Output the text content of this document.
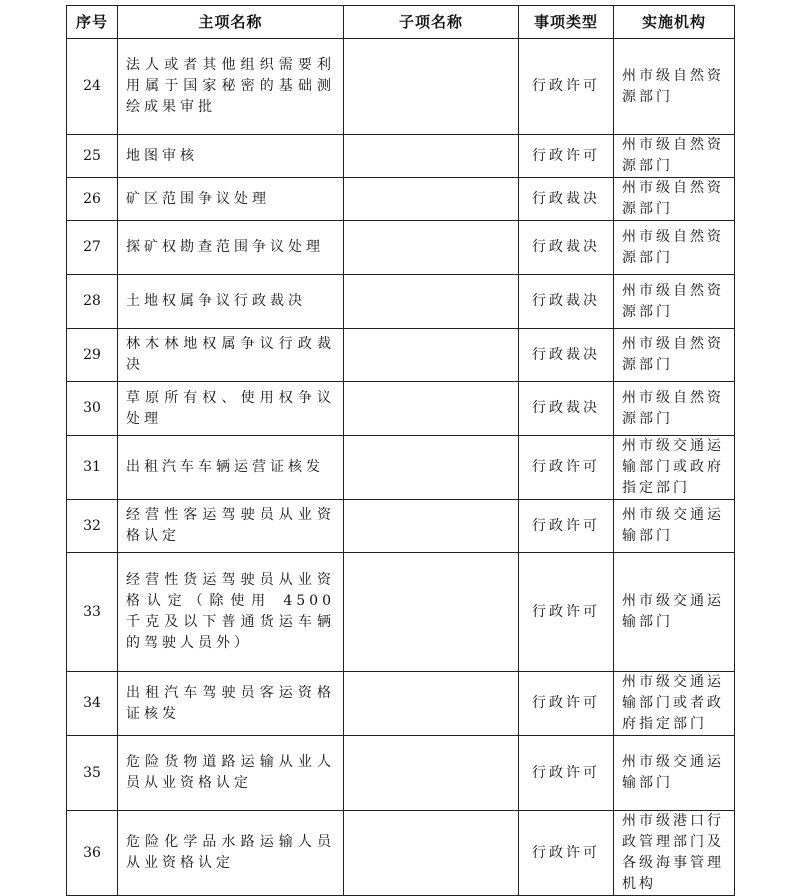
序号	主项名称	子项名称	事项类型	实施机构
24	法人或者其他组织需要利用属于国家秘密的基础测绘成果审批		行政许可	州市级自然资源部门
25	地图审核		行政许可	州市级自然资源部门
26	矿区范围争议处理		行政裁决	州市级自然资源部门
27	探矿权勘查范围争议处理		行政裁决	州市级自然资源部门
28	土地权属争议行政裁决		行政裁决	州市级自然资源部门
29	林木林地权属争议行政裁决		行政裁决	州市级自然资源部门
30	草原所有权、使用权争议处理		行政裁决	州市级自然资源部门
31	出租汽车车辆运营证核发		行政许可	州市级交通运输部门或政府指定部门
32	经营性客运驾驶员从业资格认定		行政许可	州市级交通运输部门
33	经营性货运驾驶员从业资格认定（除使用 4500 千克及以下普通货运车辆的驾驶人员外）		行政许可	州市级交通运输部门
34	出租汽车驾驶员客运资格证核发		行政许可	州市级交通运输部门或者政府指定部门
35	危险货物道路运输从业人员从业资格认定		行政许可	州市级交通运输部门
36	危险化学品水路运输人员从业资格认定		行政许可	州市级港口行政管理部门及各级海事管理机构
